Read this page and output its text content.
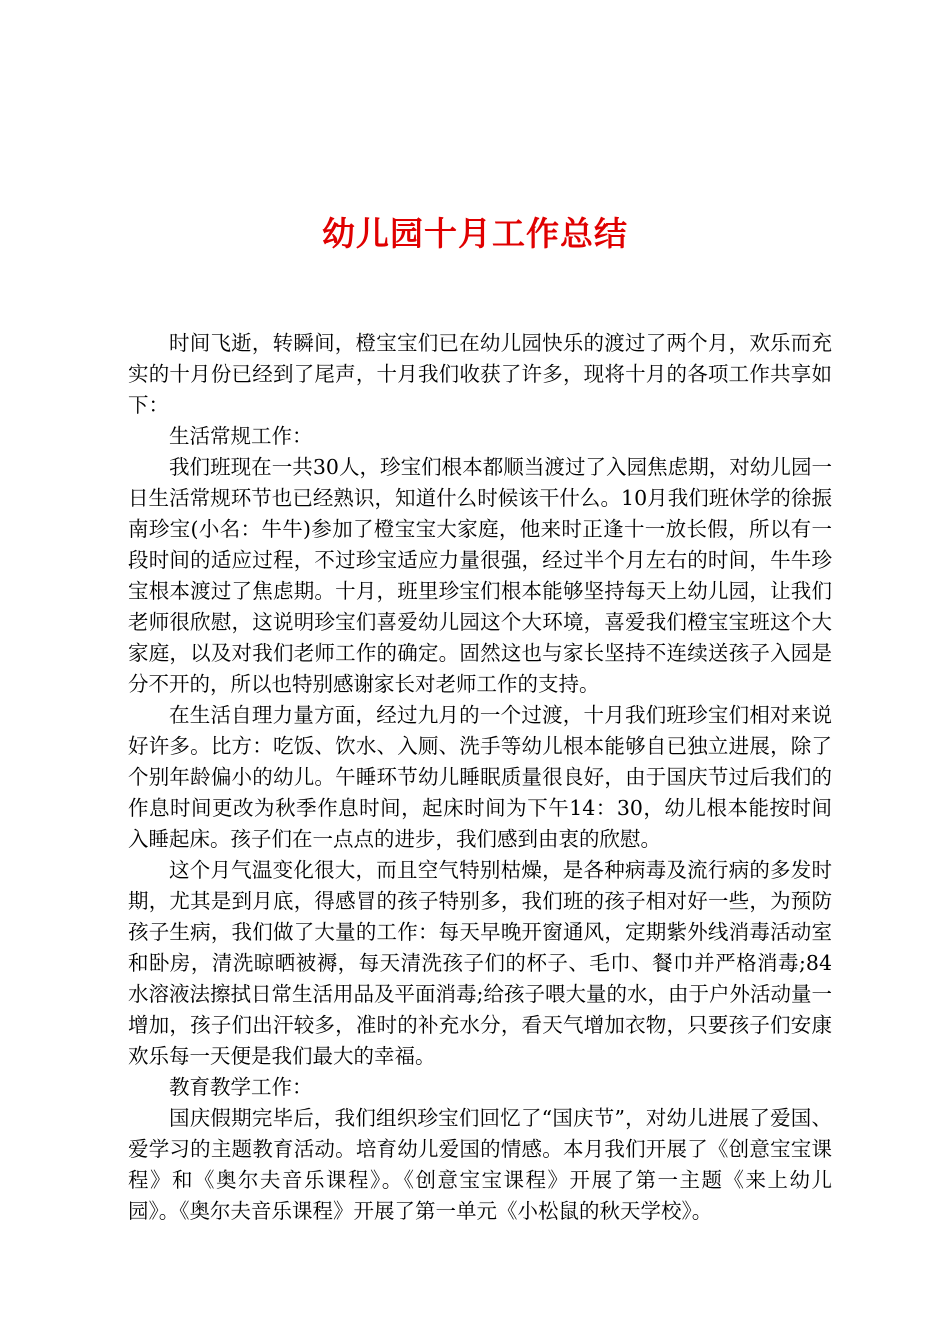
幼儿园十月工作总结

时间飞逝，转瞬间，橙宝宝们已在幼儿园快乐的渡过了两个月，欢乐而充实的十月份已经到了尾声，十月我们收获了许多，现将十月的各项工作共享如下：

生活常规工作：

我们班现在一共30人，珍宝们根本都顺当渡过了入园焦虑期，对幼儿园一日生活常规环节也已经熟识，知道什么时候该干什么。10月我们班休学的徐振南珍宝(小名：牛牛)参加了橙宝宝大家庭，他来时正逢十一放长假，所以有一段时间的适应过程，不过珍宝适应力量很强，经过半个月左右的时间，牛牛珍宝根本渡过了焦虑期。十月，班里珍宝们根本能够坚持每天上幼儿园，让我们老师很欣慰，这说明珍宝们喜爱幼儿园这个大环境，喜爱我们橙宝宝班这个大家庭，以及对我们老师工作的确定。固然这也与家长坚持不连续送孩子入园是分不开的，所以也特别感谢家长对老师工作的支持。

在生活自理力量方面，经过九月的一个过渡，十月我们班珍宝们相对来说好许多。比方：吃饭、饮水、入厕、洗手等幼儿根本能够自已独立进展，除了个别年龄偏小的幼儿。午睡环节幼儿睡眠质量很良好，由于国庆节过后我们的作息时间更改为秋季作息时间，起床时间为下午14：30，幼儿根本能按时间入睡起床。孩子们在一点点的进步，我们感到由衷的欣慰。

这个月气温变化很大，而且空气特别枯燥，是各种病毒及流行病的多发时期，尤其是到月底，得感冒的孩子特别多，我们班的孩子相对好一些，为预防孩子生病，我们做了大量的工作：每天早晚开窗通风，定期紫外线消毒活动室和卧房，清洗晾晒被褥，每天清洗孩子们的杯子、毛巾、餐巾并严格消毒;84水溶液法擦拭日常生活用品及平面消毒;给孩子喂大量的水，由于户外活动量一增加，孩子们出汗较多，准时的补充水分，看天气增加衣物，只要孩子们安康欢乐每一天便是我们最大的幸福。

教育教学工作：

国庆假期完毕后，我们组织珍宝们回忆了“国庆节”，对幼儿进展了爱国、爱学习的主题教育活动。培育幼儿爱国的情感。本月我们开展了《创意宝宝课程》和《奥尔夫音乐课程》。《创意宝宝课程》开展了第一主题《来上幼儿园》。《奥尔夫音乐课程》开展了第一单元《小松鼠的秋天学校》。
